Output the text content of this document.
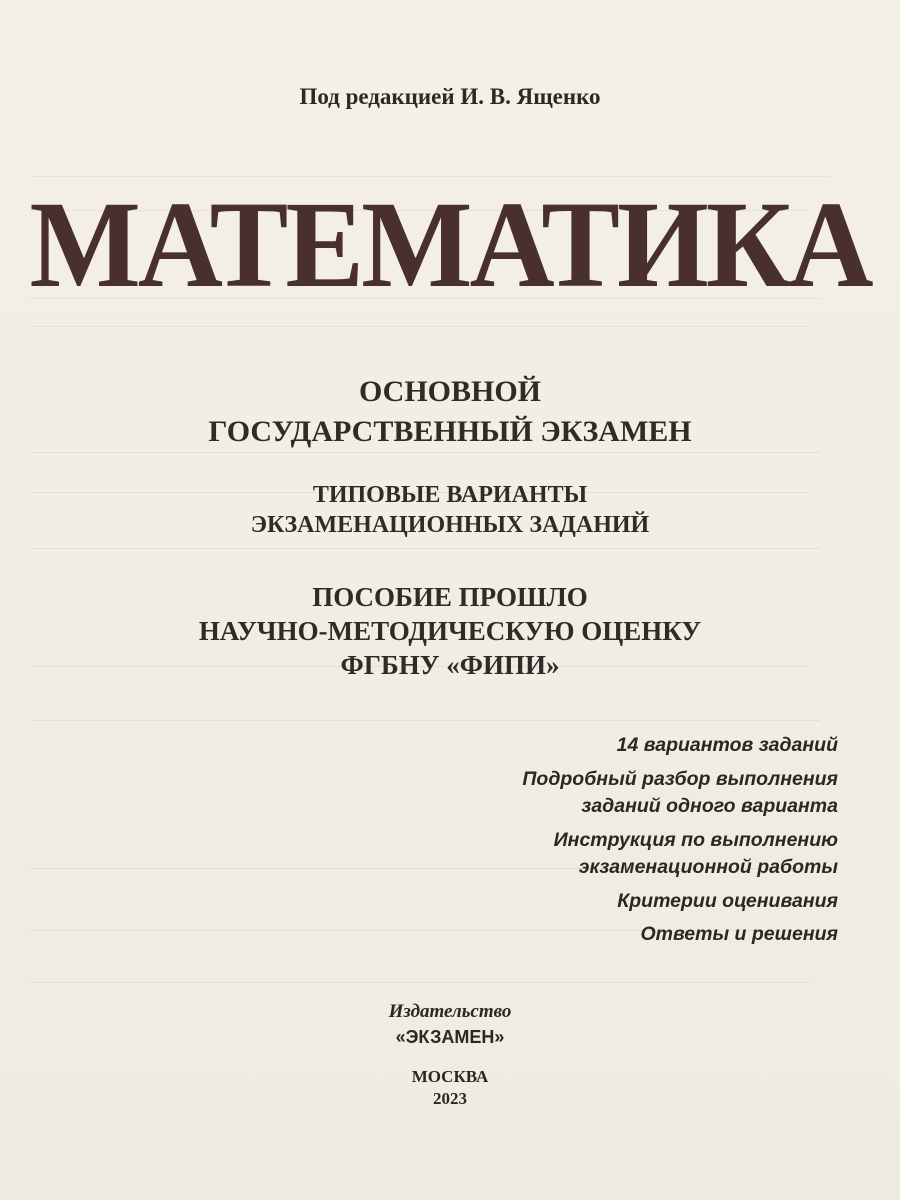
Под редакцией И. В. Ященко
МАТЕМАТИКА
ОСНОВНОЙ
ГОСУДАРСТВЕННЫЙ ЭКЗАМЕН
ТИПОВЫЕ ВАРИАНТЫ
ЭКЗАМЕНАЦИОННЫХ ЗАДАНИЙ
ПОСОБИЕ ПРОШЛО
НАУЧНО-МЕТОДИЧЕСКУЮ ОЦЕНКУ
ФГБНУ «ФИПИ»
14 вариантов заданий
Подробный разбор выполнения
заданий одного варианта
Инструкция по выполнению
экзаменационной работы
Критерии оценивания
Ответы и решения
Издательство
«ЭКЗАМЕН»
МОСКВА
2023
